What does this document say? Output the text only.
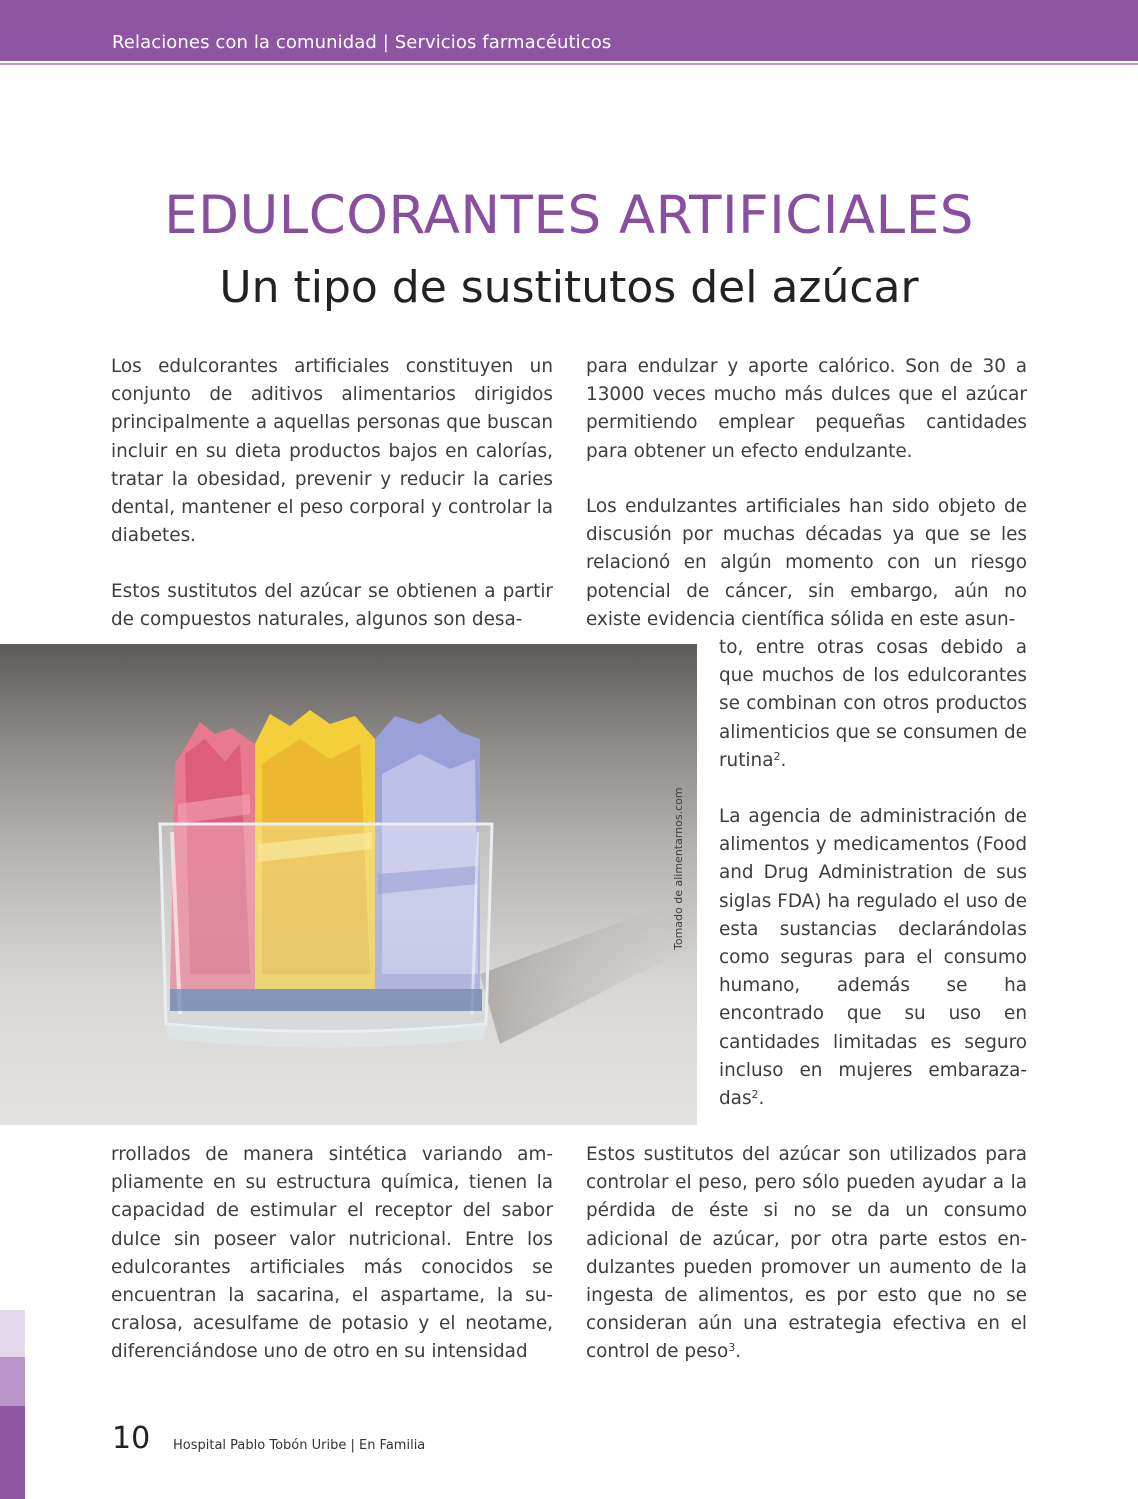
Relaciones con la comunidad | Servicios farmacéuticos
EDULCORANTES ARTIFICIALES
Un tipo de sustitutos del azúcar

Los edulcorantes artificiales constituyen un conjunto de aditivos alimentarios dirigidos principalmente a aquellas personas que buscan incluir en su dieta productos bajos en calorías, tratar la obesidad, prevenir y reducir la caries dental, mantener el peso corporal y controlar la diabetes.

Estos sustitutos del azúcar se obtienen a partir de compuestos naturales, algunos son desa-

rrollados de manera sintética variando ampliamente en su estructura química, tienen la capacidad de estimular el receptor del sabor dulce sin poseer valor nutricional. Entre los edulcorantes artificiales más conocidos se encuentran la sacarina, el aspartame, la sucralosa, acesulfame de potasio y el neotame, diferenciándose uno de otro en su intensidad

para endulzar y aporte calórico. Son de 30 a 13000 veces mucho más dulces que el azúcar permitiendo emplear pequeñas cantidades para obtener un efecto endulzante.

Los endulzantes artificiales han sido objeto de discusión por muchas décadas ya que se les relacionó en algún momento con un riesgo potencial de cáncer, sin embargo, aún no existe evidencia científica sólida en este asun-

to, entre otras cosas debido a que muchos de los edulcorantes se combinan con otros productos alimenticios que se consumen de rutina$^2$.

La agencia de administración de alimentos y medicamentos (Food and Drug Administration de sus siglas FDA) ha regulado el uso de esta sustancias declarándolas como seguras para el consumo humano, además se ha encontrado que su uso en cantidades limitadas es seguro incluso en mujeres embarazadas$^2$.

Estos sustitutos del azúcar son utilizados para controlar el peso, pero sólo pueden ayudar a la pérdida de éste si no se da un consumo adicional de azúcar, por otra parte estos endulzantes pueden promover un aumento de la ingesta de alimentos, es por esto que no se consideran aún una estrategia efectiva en el control de peso$^3$.

Tomado de alimentarnos.com
10 Hospital Pablo Tobón Uribe | En Familia
